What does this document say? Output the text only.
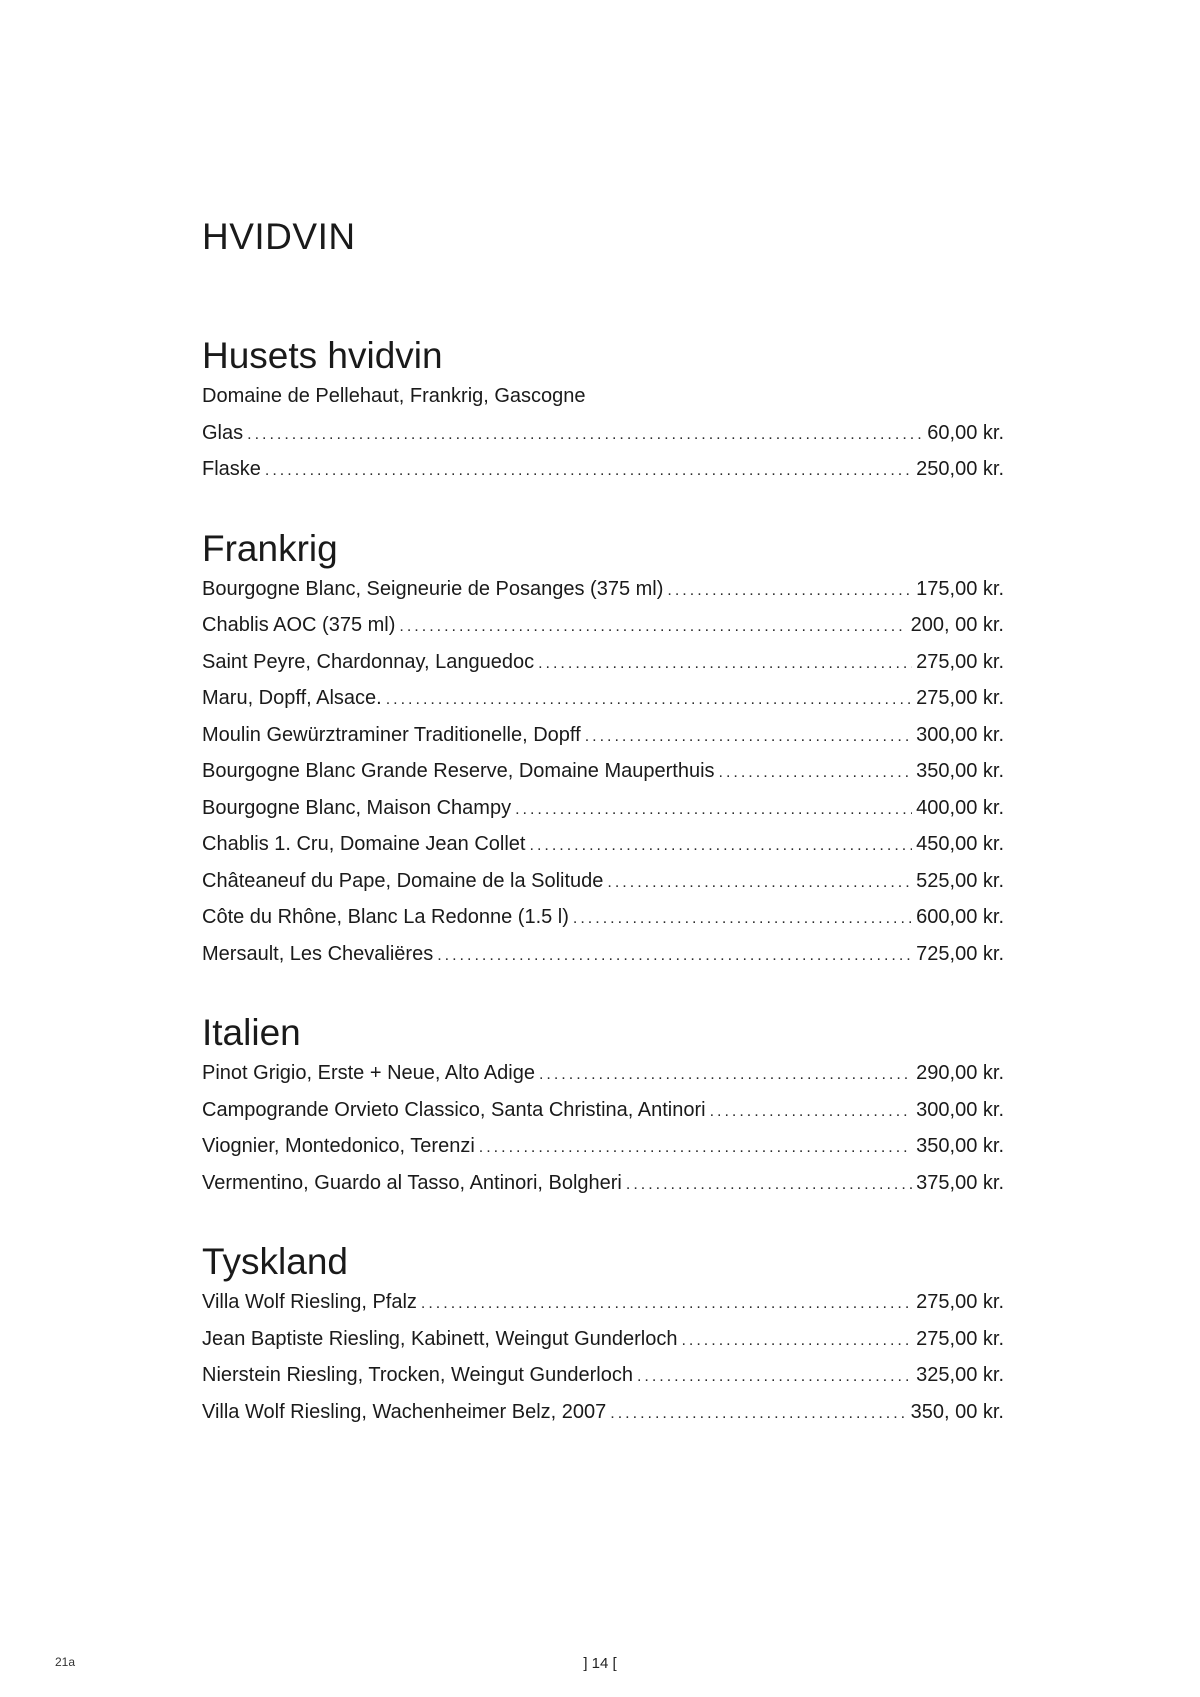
HVIDVIN
Husets hvidvin

Domaine de Pellehaut, Frankrig, Gascogne

Glas .....	60,00 kr.
Flaske .....	250,00 kr.
Frankrig
Bourgogne Blanc, Seigneurie de Posanges (375 ml) .....	175,00 kr.
Chablis AOC (375 ml) .....	200, 00 kr.
Saint Peyre, Chardonnay, Languedoc .....	275,00 kr.
Maru, Dopff, Alsace. .....	275,00 kr.
Moulin Gewürztraminer Traditionelle, Dopff .....	300,00 kr.
Bourgogne Blanc Grande Reserve, Domaine Mauperthuis .....	350,00 kr.
Bourgogne Blanc, Maison Champy .....	400,00 kr.
Chablis 1. Cru, Domaine Jean Collet .....	450,00 kr.
Châteaneuf du Pape, Domaine de la Solitude .....	525,00 kr.
Côte du Rhône, Blanc La Redonne (1.5 l) .....	600,00 kr.
Mersault, Les Chevaliëres .....	725,00 kr.
Italien
Pinot Grigio, Erste + Neue, Alto Adige .....	290,00 kr.
Campogrande Orvieto Classico, Santa Christina, Antinori .....	300,00 kr.
Viognier, Montedonico, Terenzi .....	350,00 kr.
Vermentino, Guardo al Tasso, Antinori, Bolgheri .....	375,00 kr.
Tyskland
Villa Wolf Riesling, Pfalz .....	275,00 kr.
Jean Baptiste Riesling, Kabinett, Weingut Gunderloch .....	275,00 kr.
Nierstein Riesling, Trocken, Weingut Gunderloch .....	325,00 kr.
Villa Wolf Riesling, Wachenheimer Belz, 2007 .....	350, 00 kr.

21a	] 14 [
